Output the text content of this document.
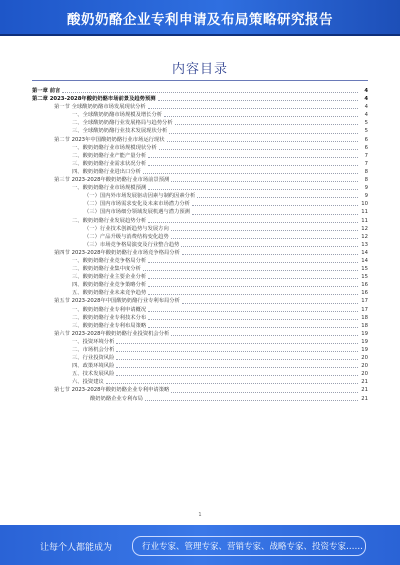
酸奶奶酪企业专利申请及布局策略研究报告
内容目录
第一章 前言	4
第二章 2023-2028年酸奶奶酪市场前景及趋势预测	4
第一节 全球酸奶奶酪市场发展现状分析	4
一、全球酸奶奶酪市场规模及增长分析	4
二、全球酸奶奶酪行业发展格局与趋势分析	5
三、全球酸奶奶酪行业技术发展现状分析	5
第二节 2023年中国酸奶奶酪行业市场运行现状	6
一、酸奶奶酪行业市场规模现状分析	6
二、酸奶奶酪行业产能产量分析	7
三、酸奶奶酪行业需求状况分析	7
四、酸奶奶酪行业进出口分析	8
第三节 2023-2028年酸奶奶酪行业市场前景预测	8
一、酸奶奶酪行业市场规模预测	9
（一）国内外市场发展驱动因素与制约因素分析	9
（二）国内市场需求变化及未来市场潜力分析	10
（三）国内市场细分领域发展机遇与潜力预测	11
二、酸奶奶酪行业发展趋势分析	11
（一）行业技术创新趋势与发展方向	12
（二）产品升级与消费结构变化趋势	12
（三）市场竞争格局演变及行业整合趋势	13
第四节 2023-2028年酸奶奶酪行业市场竞争格局分析	14
一、酸奶奶酪行业竞争格局分析	14
二、酸奶奶酪行业集中度分析	15
三、酸奶奶酪行业主要企业分析	15
四、酸奶奶酪行业竞争策略分析	16
五、酸奶奶酪行业未来竞争趋势	16
第五节 2023-2028年中国酸奶奶酪行业专利布局分析	17
一、酸奶奶酪行业专利申请概况	17
二、酸奶奶酪行业专利技术分布	18
三、酸奶奶酪行业专利布局策略	18
第六节 2023-2028年酸奶奶酪行业投资机会分析	19
一、投资环境分析	19
二、市场机会分析	19
三、行业投资风险	20
四、政策环境风险	20
五、技术发展风险	20
六、投资建议	21
第七节 2023-2028年酸奶奶酪企业专利申请策略	21
酸奶奶酪企业专利布局	21
1
让每个人都能成为	行业专家、管理专家、营销专家、战略专家、投资专家……
